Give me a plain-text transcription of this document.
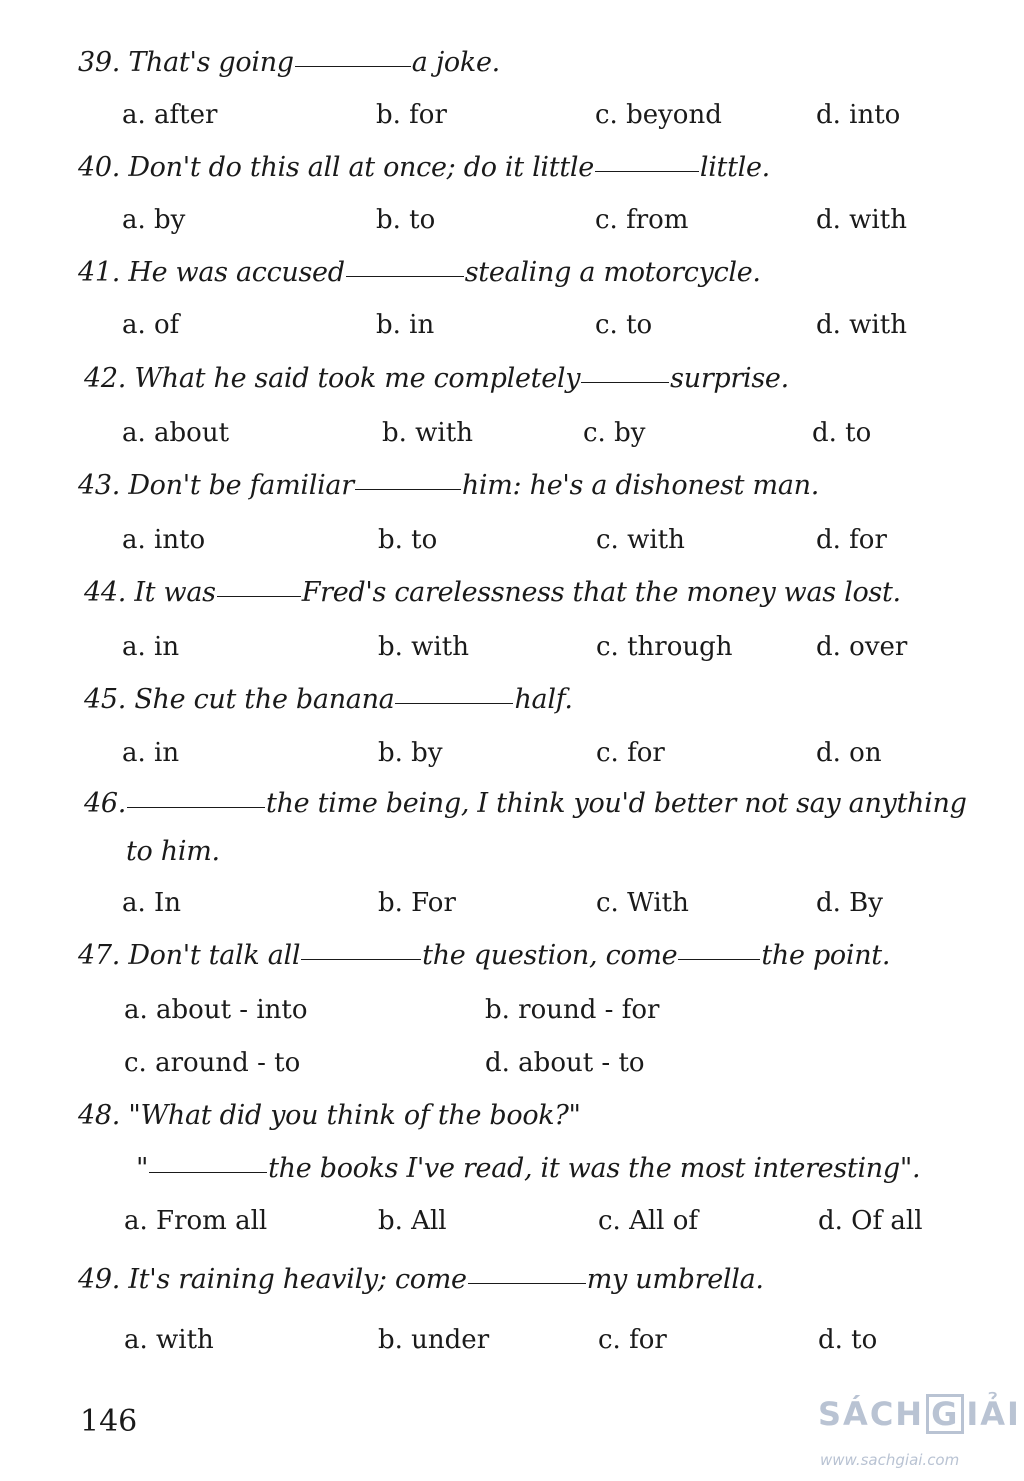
39. That's going	a joke.
a. after	b. for	c. beyond	d. into
40. Don't do this all at once; do it little	little.
a. by	b. to	c. from	d. with
41. He was accused	stealing a motorcycle.
a. of	b. in	c. to	d. with
42. What he said took me completely	surprise.
a. about	b. with	c. by	d. to
43. Don't be familiar	him: he's a dishonest man.
a. into	b. to	c. with	d. for
44. It was	Fred's carelessness that the money was lost.
a. in	b. with	c. through	d. over
45. She cut the banana	half.
a. in	b. by	c. for	d. on
46.	the time being, I think you'd better not say anything
to him.
a. In	b. For	c. With	d. By
47. Don't talk all	the question, come	the point.
a. about - into	b. round - for
c. around - to	d. about - to
48. "What did you think of the book?"
"	the books I've read, it was the most interesting".
a. From all	b. All	c. All of	d. Of all
49. It's raining heavily; come	my umbrella.
a. with	b. under	c. for	d. to
146	SÁCH G IẢI
www.sachgiai.com
